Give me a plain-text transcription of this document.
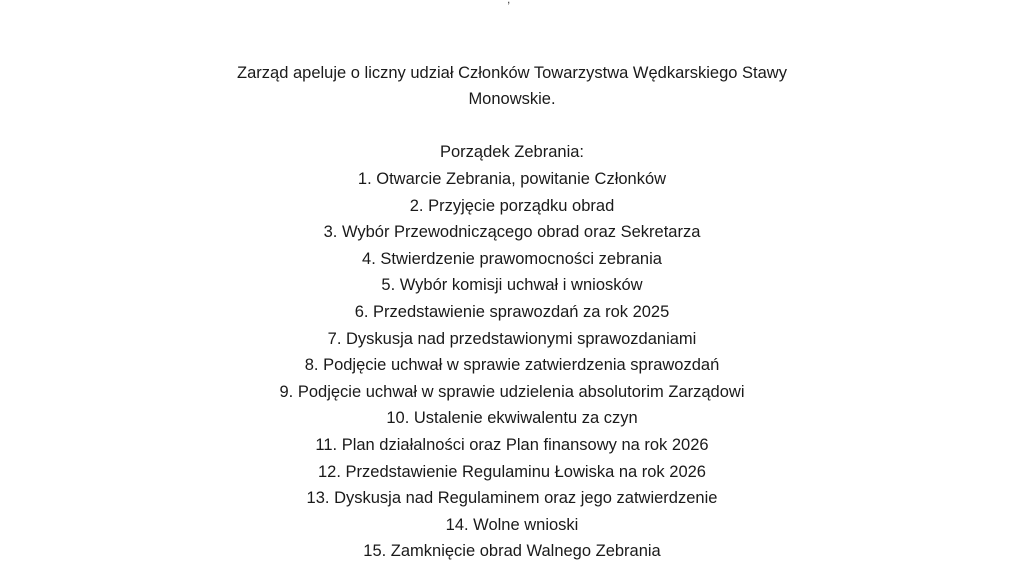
Zarząd apeluje o liczny udział Członków Towarzystwa Wędkarskiego Stawy

Monowskie.

Porządek Zebrania:
1. Otwarcie Zebrania, powitanie Członków
2. Przyjęcie porządku obrad
3. Wybór Przewodniczącego obrad oraz Sekretarza
4. Stwierdzenie prawomocności zebrania
5. Wybór komisji uchwał i wniosków
6. Przedstawienie sprawozdań za rok 2025
7. Dyskusja nad przedstawionymi sprawozdaniami
8. Podjęcie uchwał w sprawie zatwierdzenia sprawozdań
9. Podjęcie uchwał w sprawie udzielenia absolutorim Zarządowi
10. Ustalenie ekwiwalentu za czyn
11. Plan działalności oraz Plan finansowy na rok 2026
12. Przedstawienie Regulaminu Łowiska na rok 2026
13. Dyskusja nad Regulaminem oraz jego zatwierdzenie
14. Wolne wnioski
15. Zamknięcie obrad Walnego Zebrania
